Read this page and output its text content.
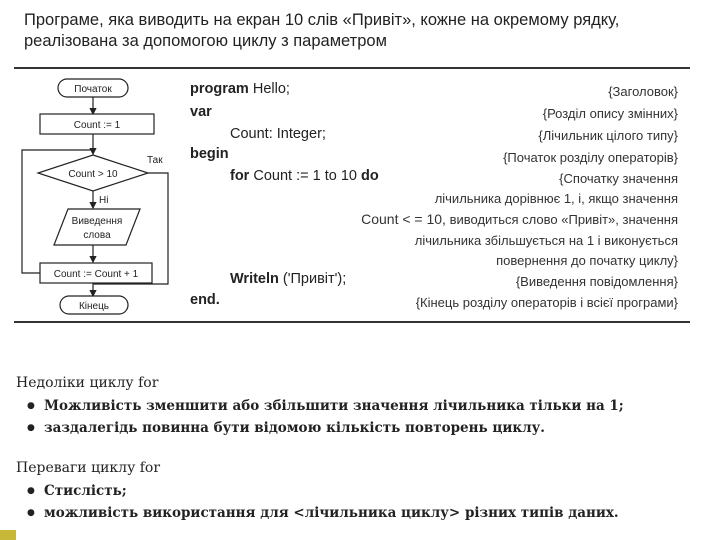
Програме, яка виводить на екран 10 слів «Привіт», кожне на окремому рядку, реалізована за допомогою циклу з параметром
Початок
Count := 1
Count > 10
Так
Ні
Виведення
слова
Count := Count + 1
Кінець
program Hello;	{Заголовок}
var	{Розділ опису змінних}
Count: Integer;	{Лічильник цілого типу}
begin	{Початок розділу операторів}
for Count := 1 to 10 do	{Спочатку значення
лічильника дорівнює 1, і, якщо значення
Count < = 10, виводиться слово «Привіт», значення
лічильника збільшується на 1 і виконується
повернення до початку циклу}
Writeln ('Привіт');	{Виведення повідомлення}
end.	{Кінець розділу операторів і всієї програми}
Недоліки циклу for
● Можливість зменшити або збільшити значення лічильника тільки на 1;
● заздалегідь повинна бути відомою кількість повторень циклу.
Переваги циклу for
● Стислість;
● можливість використання для <лічильника циклу> різних типів даних.
